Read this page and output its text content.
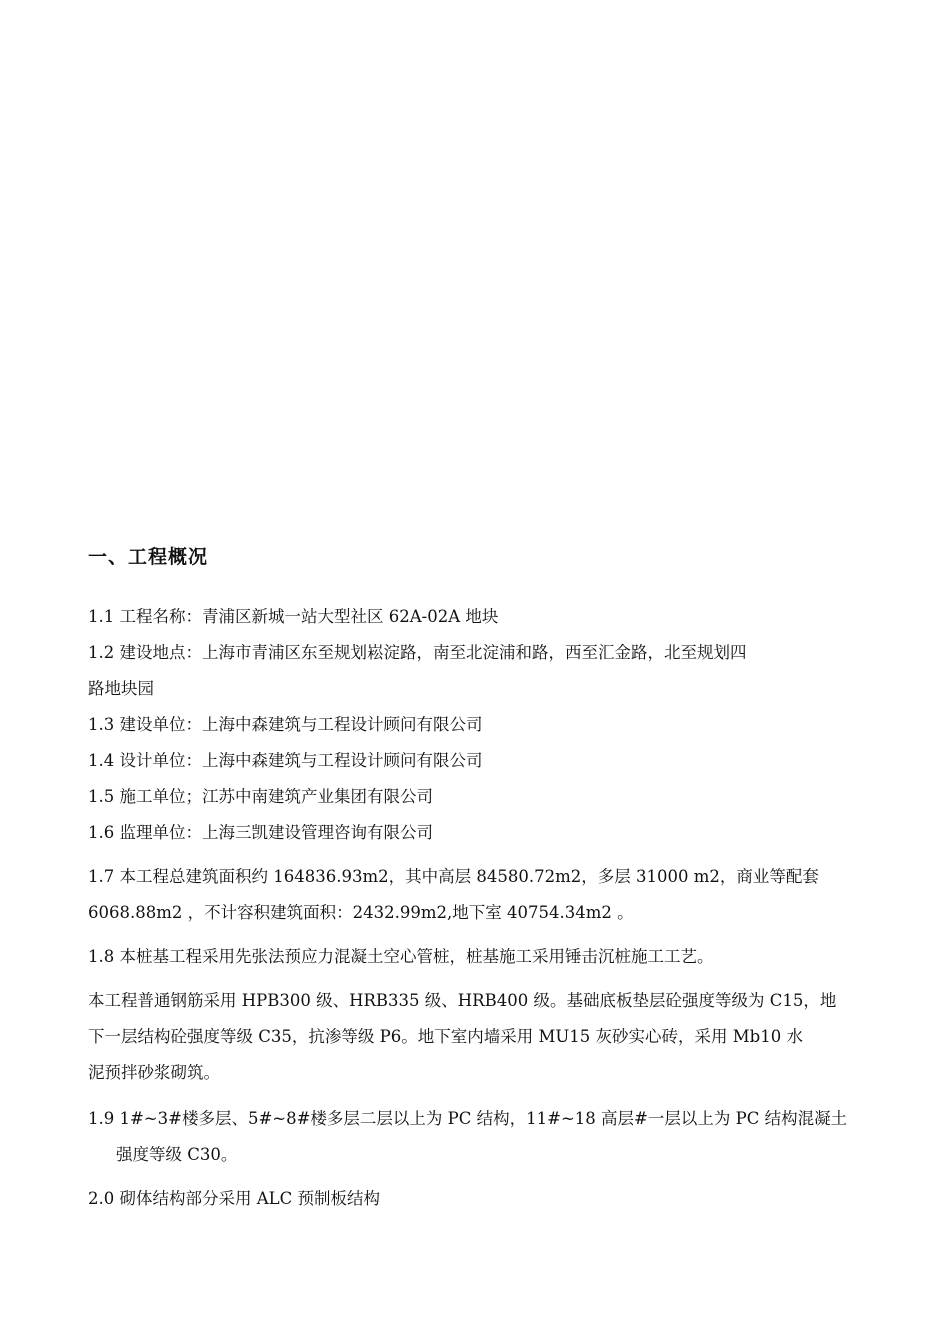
一、工程概况
1.1 工程名称：青浦区新城一站大型社区 62A-02A 地块
1.2 建设地点：上海市青浦区东至规划崧淀路，南至北淀浦和路，西至汇金路，北至规划四
路地块园
1.3 建设单位：上海中森建筑与工程设计顾问有限公司
1.4 设计单位：上海中森建筑与工程设计顾问有限公司
1.5 施工单位；江苏中南建筑产业集团有限公司
1.6 监理单位：上海三凯建设管理咨询有限公司
1.7 本工程总建筑面积约 164836.93m2，其中高层 84580.72m2，多层 31000 m2，商业等配套
6068.88m2 ，不计容积建筑面积：2432.99m2,地下室 40754.34m2 。
1.8 本桩基工程采用先张法预应力混凝土空心管桩，桩基施工采用锤击沉桩施工工艺。
本工程普通钢筋采用 HPB300 级、HRB335 级、HRB400 级。基础底板垫层砼强度等级为 C15，地
下一层结构砼强度等级 C35，抗渗等级 P6。地下室内墙采用 MU15 灰砂实心砖，采用 Mb10 水
泥预拌砂浆砌筑。
1.9 1#~3#楼多层、5#~8#楼多层二层以上为 PC 结构，11#~18 高层#一层以上为 PC 结构混凝土
强度等级 C30。
2.0 砌体结构部分采用 ALC 预制板结构
